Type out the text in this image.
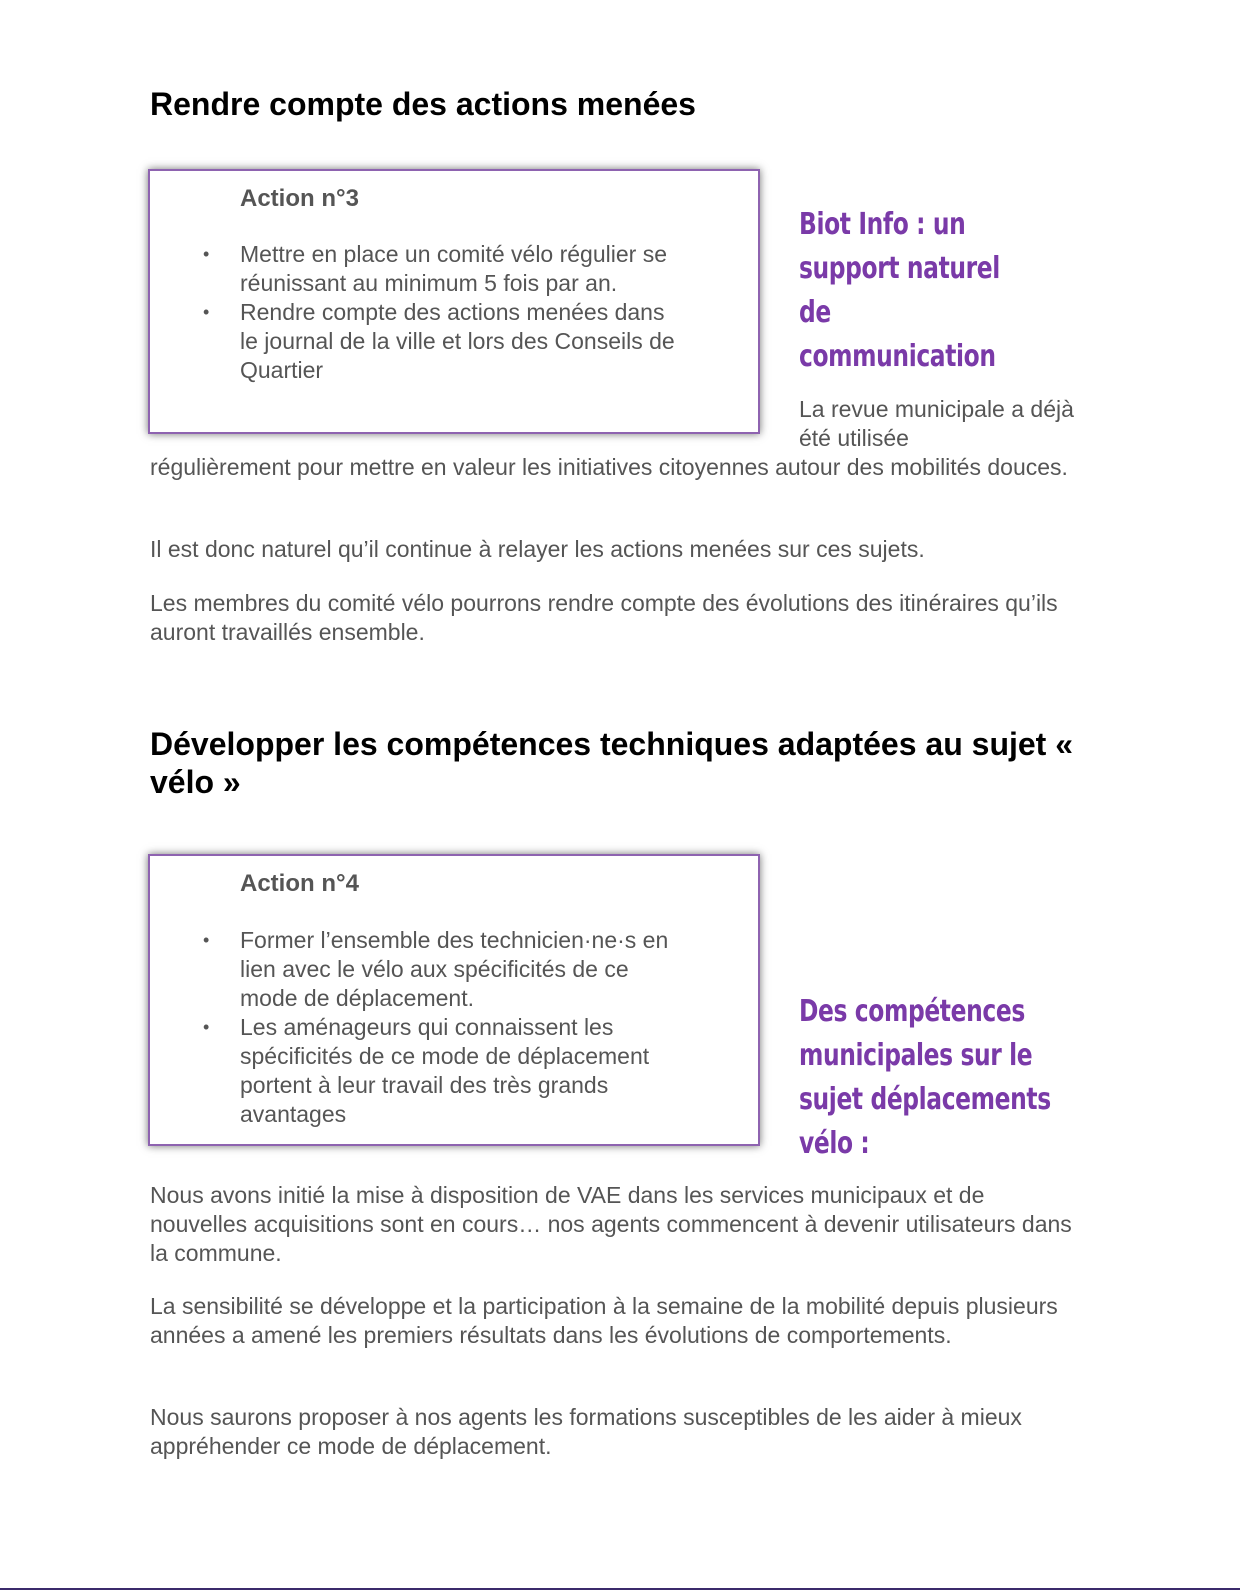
Rendre compte des actions menées
Action n°3
• Mettre en place un comité vélo régulier se réunissant au minimum 5 fois par an.
• Rendre compte des actions menées dans le journal de la ville et lors des Conseils de Quartier
Biot Info : un support naturel de communication
La revue municipale a déjà été utilisée

régulièrement pour mettre en valeur les initiatives citoyennes autour des mobilités douces.

Il est donc naturel qu’il continue à relayer les actions menées sur ces sujets.

Les membres du comité vélo pourrons rendre compte des évolutions des itinéraires qu’ils auront travaillés ensemble.

Développer les compétences techniques adaptées au sujet « vélo »
Action n°4
• Former l’ensemble des technicien·ne·s en lien avec le vélo aux spécificités de ce mode de déplacement.
• Les aménageurs qui connaissent les spécificités de ce mode de déplacement portent à leur travail des très grands avantages
Des compétences municipales sur le sujet déplacements vélo :

Nous avons initié la mise à disposition de VAE dans les services municipaux et de nouvelles acquisitions sont en cours… nos agents commencent à devenir utilisateurs dans la commune.

La sensibilité se développe et la participation à la semaine de la mobilité depuis plusieurs années a amené les premiers résultats dans les évolutions de comportements.

Nous saurons proposer à nos agents les formations susceptibles de les aider à mieux appréhender ce mode de déplacement.
